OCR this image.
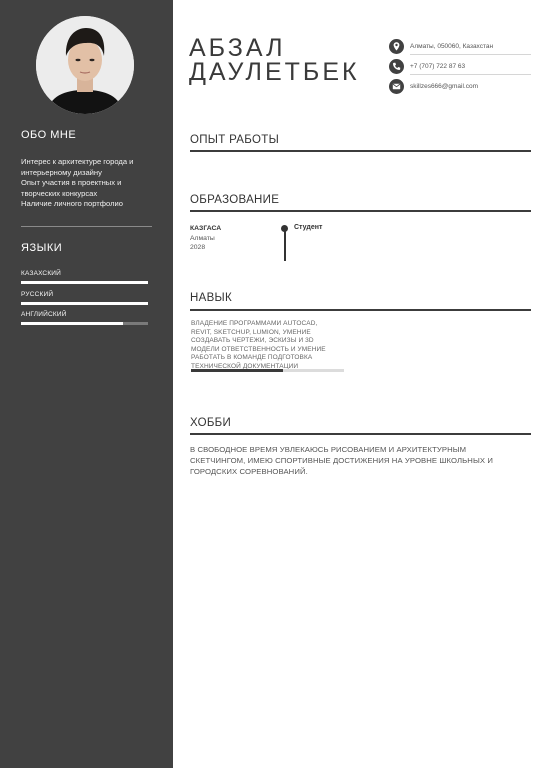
ОБО МНЕ
Интерес к архитектуре города и
интерьерному дизайну
Опыт участия в проектных и
творческих конкурсах
Наличие личного портфолио
ЯЗЫКИ
КАЗАХСКИЙ
РУССКИЙ
АНГЛИЙСКИЙ
АБЗАЛ
ДАУЛЕТБЕК
Алматы, 050060, Казахстан
+7 (707) 722 87 63
skillzes666@gmail.com
ОПЫТ РАБОТЫ
ОБРАЗОВАНИЕ
КАЗГАСА
Алматы
2028
Студент
НАВЫК
ВЛАДЕНИЕ ПРОГРАММАМИ AUTOCAD,
REVIT, SKETCHUP, LUMION, УМЕНИЕ
СОЗДАВАТЬ ЧЕРТЕЖИ, ЭСКИЗЫ И 3D
МОДЕЛИ ОТВЕТСТВЕННОСТЬ И УМЕНИЕ
РАБОТАТЬ В КОМАНДЕ ПОДГОТОВКА
ТЕХНИЧЕСКОЙ ДОКУМЕНТАЦИИ
ХОББИ
В СВОБОДНОЕ ВРЕМЯ УВЛЕКАЮСЬ РИСОВАНИЕМ И АРХИТЕКТУРНЫМ
СКЕТЧИНГОМ, ИМЕЮ СПОРТИВНЫЕ ДОСТИЖЕНИЯ НА УРОВНЕ ШКОЛЬНЫХ И
ГОРОДСКИХ СОРЕВНОВАНИЙ.
